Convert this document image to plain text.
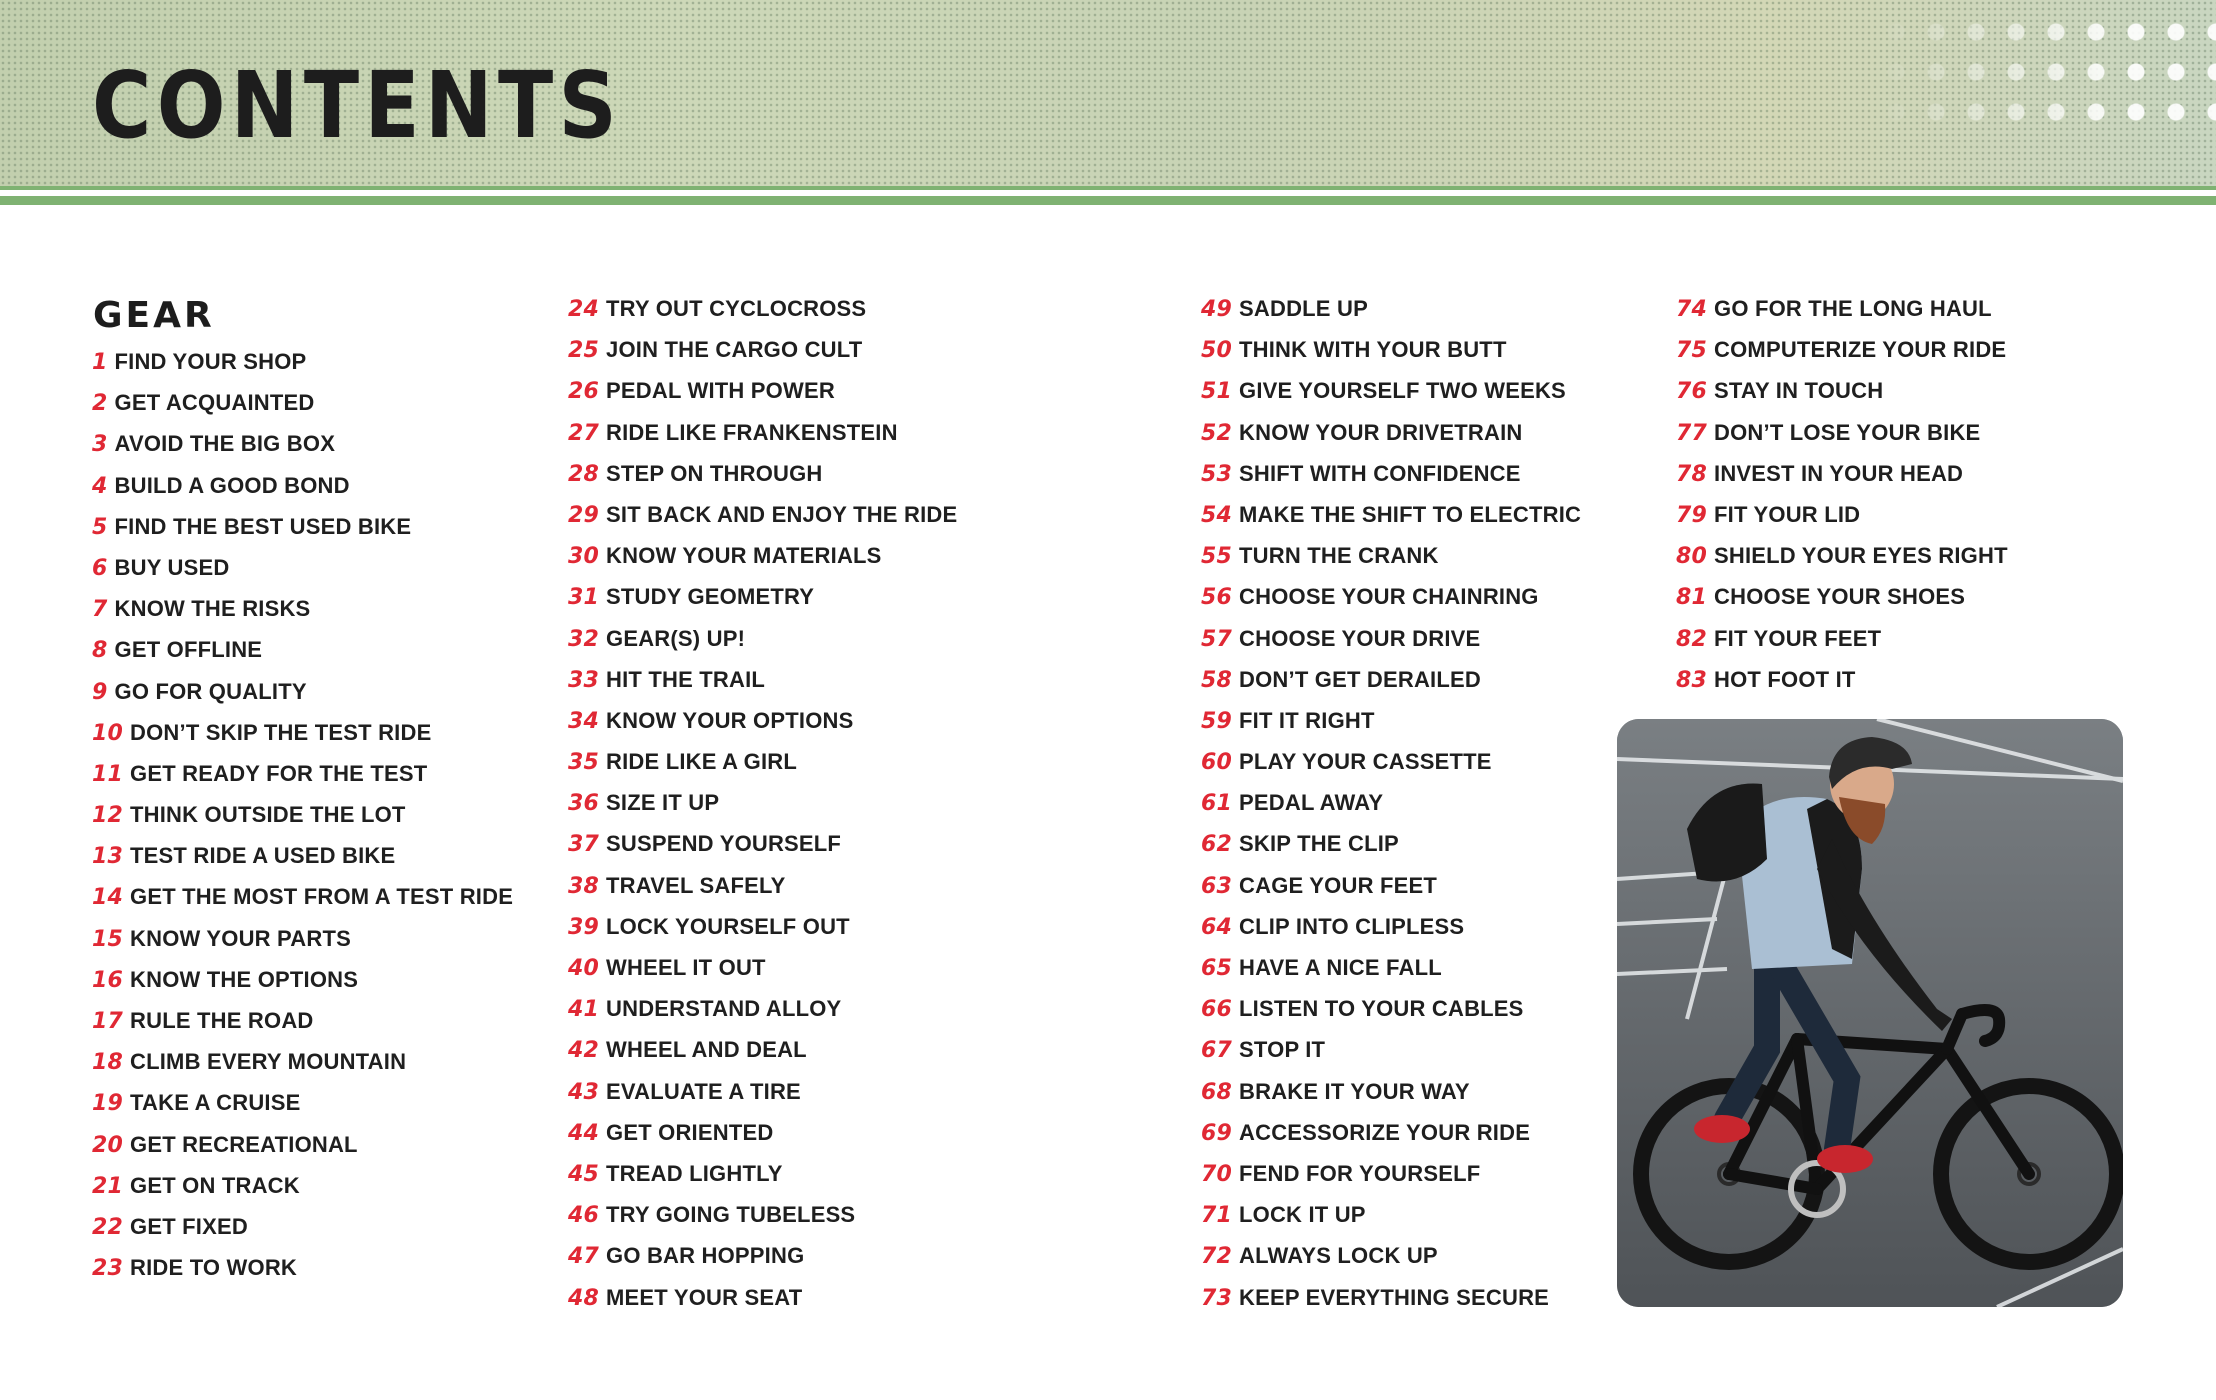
CONTENTS
GEAR
1 FIND YOUR SHOP
2 GET ACQUAINTED
3 AVOID THE BIG BOX
4 BUILD A GOOD BOND
5 FIND THE BEST USED BIKE
6 BUY USED
7 KNOW THE RISKS
8 GET OFFLINE
9 GO FOR QUALITY
10 DON’T SKIP THE TEST RIDE
11 GET READY FOR THE TEST
12 THINK OUTSIDE THE LOT
13 TEST RIDE A USED BIKE
14 GET THE MOST FROM A TEST RIDE
15 KNOW YOUR PARTS
16 KNOW THE OPTIONS
17 RULE THE ROAD
18 CLIMB EVERY MOUNTAIN
19 TAKE A CRUISE
20 GET RECREATIONAL
21 GET ON TRACK
22 GET FIXED
23 RIDE TO WORK
24 TRY OUT CYCLOCROSS
25 JOIN THE CARGO CULT
26 PEDAL WITH POWER
27 RIDE LIKE FRANKENSTEIN
28 STEP ON THROUGH
29 SIT BACK AND ENJOY THE RIDE
30 KNOW YOUR MATERIALS
31 STUDY GEOMETRY
32 GEAR(S) UP!
33 HIT THE TRAIL
34 KNOW YOUR OPTIONS
35 RIDE LIKE A GIRL
36 SIZE IT UP
37 SUSPEND YOURSELF
38 TRAVEL SAFELY
39 LOCK YOURSELF OUT
40 WHEEL IT OUT
41 UNDERSTAND ALLOY
42 WHEEL AND DEAL
43 EVALUATE A TIRE
44 GET ORIENTED
45 TREAD LIGHTLY
46 TRY GOING TUBELESS
47 GO BAR HOPPING
48 MEET YOUR SEAT
49 SADDLE UP
50 THINK WITH YOUR BUTT
51 GIVE YOURSELF TWO WEEKS
52 KNOW YOUR DRIVETRAIN
53 SHIFT WITH CONFIDENCE
54 MAKE THE SHIFT TO ELECTRIC
55 TURN THE CRANK
56 CHOOSE YOUR CHAINRING
57 CHOOSE YOUR DRIVE
58 DON’T GET DERAILED
59 FIT IT RIGHT
60 PLAY YOUR CASSETTE
61 PEDAL AWAY
62 SKIP THE CLIP
63 CAGE YOUR FEET
64 CLIP INTO CLIPLESS
65 HAVE A NICE FALL
66 LISTEN TO YOUR CABLES
67 STOP IT
68 BRAKE IT YOUR WAY
69 ACCESSORIZE YOUR RIDE
70 FEND FOR YOURSELF
71 LOCK IT UP
72 ALWAYS LOCK UP
73 KEEP EVERYTHING SECURE
74 GO FOR THE LONG HAUL
75 COMPUTERIZE YOUR RIDE
76 STAY IN TOUCH
77 DON’T LOSE YOUR BIKE
78 INVEST IN YOUR HEAD
79 FIT YOUR LID
80 SHIELD YOUR EYES RIGHT
81 CHOOSE YOUR SHOES
82 FIT YOUR FEET
83 HOT FOOT IT
